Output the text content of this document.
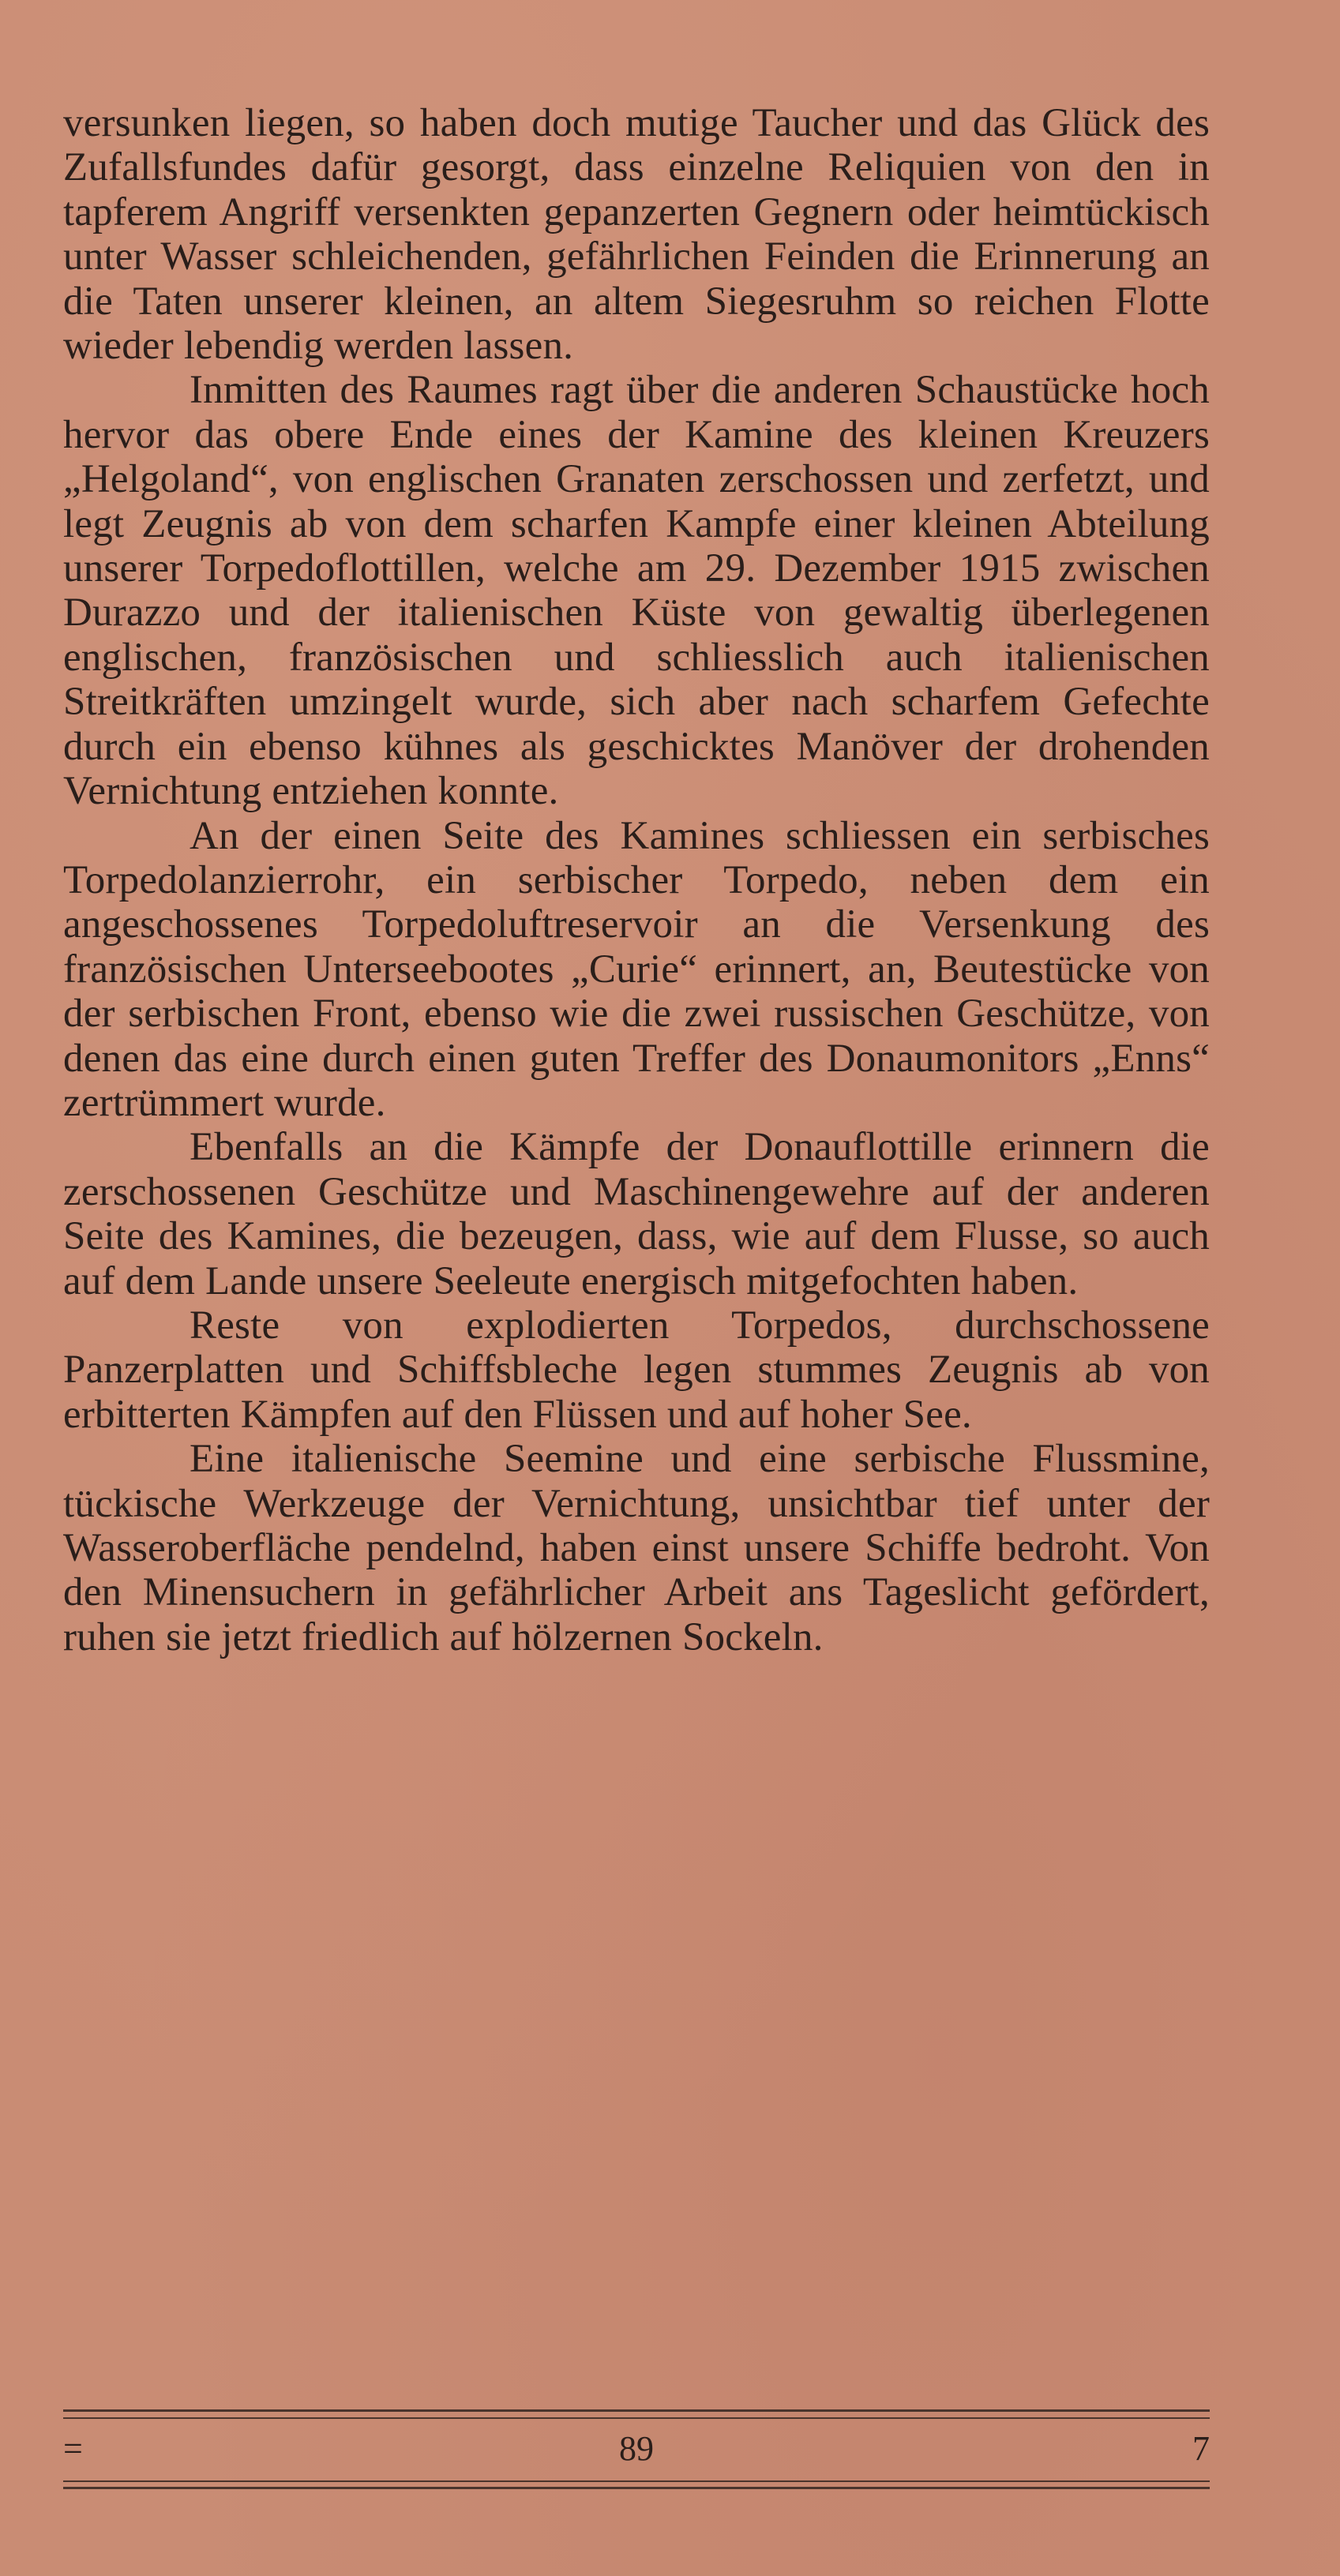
versunken liegen, so haben doch mutige Taucher und das Glück des Zufallsfundes dafür gesorgt, dass einzelne Reliquien von den in tapferem Angriff versenkten gepanzerten Gegnern oder heimtückisch unter Wasser schleichenden, gefährlichen Feinden die Erinnerung an die Taten unserer kleinen, an altem Siegesruhm so reichen Flotte wieder lebendig werden lassen.

Inmitten des Raumes ragt über die anderen Schaustücke hoch hervor das obere Ende eines der Kamine des kleinen Kreuzers „Helgoland“, von englischen Granaten zerschossen und zerfetzt, und legt Zeugnis ab von dem scharfen Kampfe einer kleinen Abteilung unserer Torpedoflottillen, welche am 29. Dezember 1915 zwischen Durazzo und der italienischen Küste von gewaltig überlegenen englischen, französischen und schliesslich auch italienischen Streitkräften umzingelt wurde, sich aber nach scharfem Gefechte durch ein ebenso kühnes als geschicktes Manöver der drohenden Vernichtung entziehen konnte.

An der einen Seite des Kamines schliessen ein serbisches Torpedolanzierrohr, ein serbischer Torpedo, neben dem ein angeschossenes Torpedoluftreservoir an die Versenkung des französischen Unterseebootes „Curie“ erinnert, an, Beutestücke von der serbischen Front, ebenso wie die zwei russischen Geschütze, von denen das eine durch einen guten Treffer des Donaumonitors „Enns“ zertrümmert wurde.

Ebenfalls an die Kämpfe der Donauflottille erinnern die zerschossenen Geschütze und Maschinengewehre auf der anderen Seite des Kamines, die bezeugen, dass, wie auf dem Flusse, so auch auf dem Lande unsere Seeleute energisch mitgefochten haben.

Reste von explodierten Torpedos, durchschossene Panzerplatten und Schiffsbleche legen stummes Zeugnis ab von erbitterten Kämpfen auf den Flüssen und auf hoher See.

Eine italienische Seemine und eine serbische Flussmine, tückische Werkzeuge der Vernichtung, unsichtbar tief unter der Wasseroberfläche pendelnd, haben einst unsere Schiffe bedroht. Von den Minensuchern in gefährlicher Arbeit ans Tageslicht gefördert, ruhen sie jetzt friedlich auf hölzernen Sockeln.

=	89	7
